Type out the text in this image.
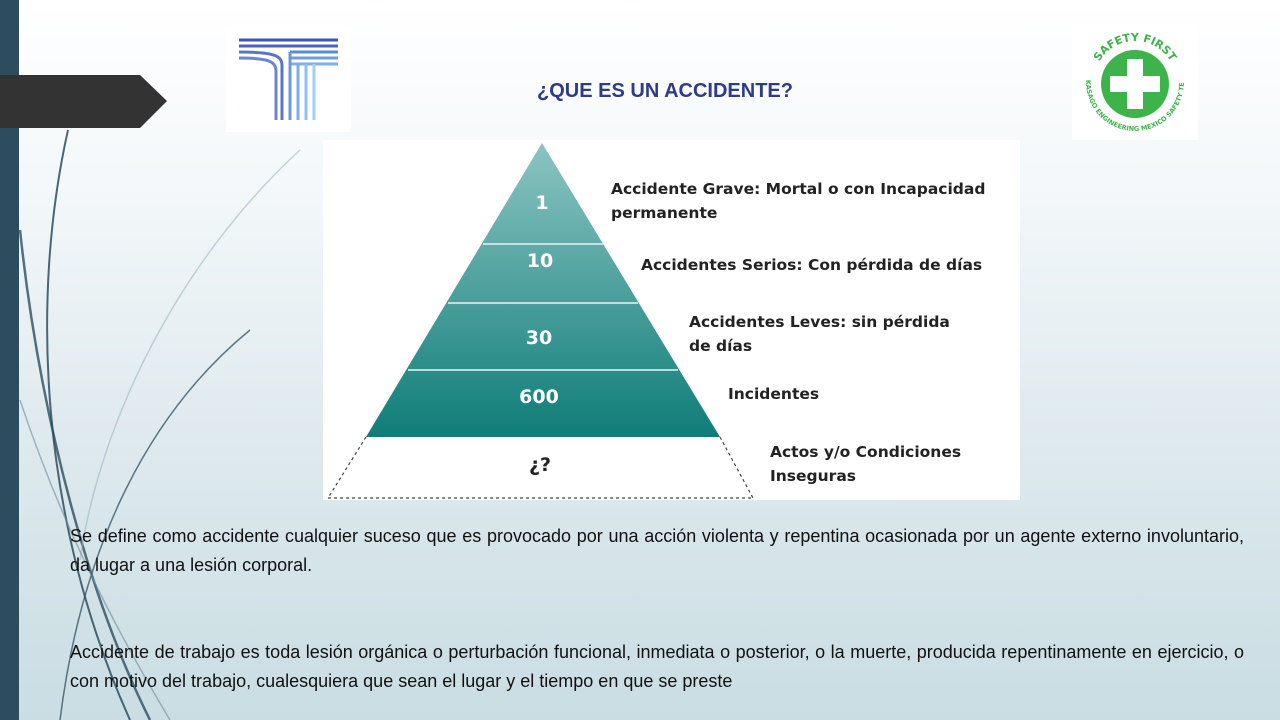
SAFETY FIRST
KASAGO ENGINEERING MEXICO SAFETY TE
¿QUE ES UN ACCIDENTE?
1
10
30
600
¿?
Accidente Grave: Mortal o con Incapacidad
permanente
Accidentes Serios: Con pérdida de días
Accidentes Leves: sin pérdida
de días
Incidentes
Actos y/o Condiciones
Inseguras
Se define como accidente cualquier suceso que es provocado por una acción violenta y repentina ocasionada por un agente externo involuntario, da lugar a una lesión corporal.
Accidente de trabajo es toda lesión orgánica o perturbación funcional, inmediata o posterior, o la muerte, producida repentinamente en ejercicio, o con motivo del trabajo, cualesquiera que sean el lugar y el tiempo en que se preste
